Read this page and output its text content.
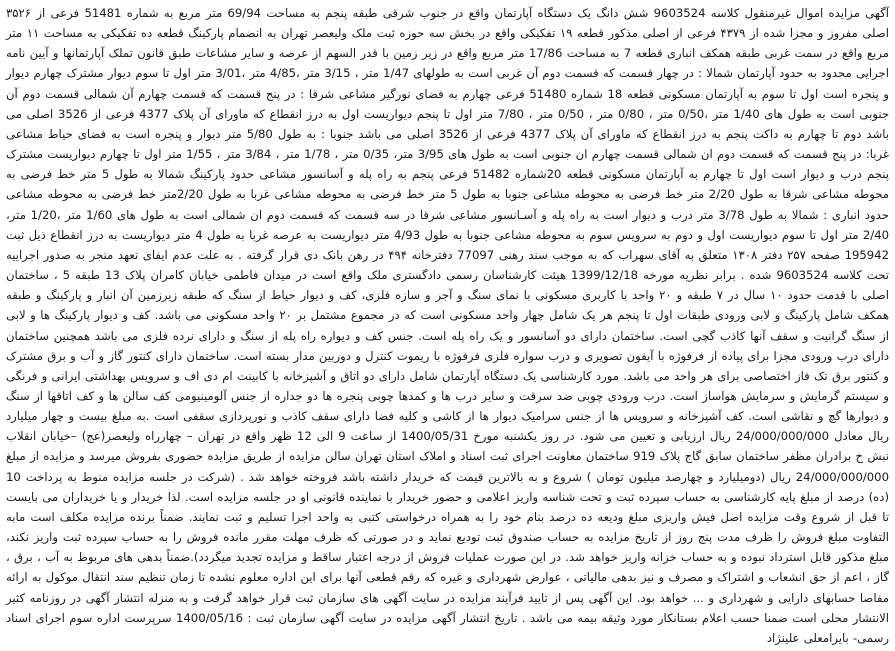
آگهی مزایده اموال غیرمنقول کلاسه 9603524 شش دانگ یک دستگاه آپارتمان واقع در جنوب شرقی طبقه پنجم به مساحت 69/94 متر مربع به شماره 51481 فرعی از ۳۵۲۶ اصلی مفروز و مجزا شده از ۴۳۷۹ فرعی از اصلی مذکور قطعه ۱۹ تفکیکی واقع در بخش سه حوزه ثبت ملک ولیعصر تهران به انضمام پارکینگ قطعه ده تفکیکی به مساحت ۱۱ متر مربع واقع در سمت غربی طبقه همکف انباری قطعه 7 به مساحت 17/86 متر مربع واقع در زیر زمین با قدر السهم از عرصه و سایر مشاعات طبق قانون تملک آپارتمانها و آیین نامه اجرایی محدود به حدود آپارتمان شمالا : در چهار قسمت که قسمت دوم آن غربی است به طولهای 1/47 متر ، 3/15 متر ،4/85 متر ،3/01 متر اول تا سوم دیوار مشترک چهارم دیوار و پنجره است اول تا سوم به آپارتمان مسکونی قطعه 18 شماره 51480 فرعی چهارم به فضای نورگیر مشاعی شرقا : در پنج قسمت که قسمت چهارم آن شمالی قسمت دوم آن جنوبی است به طول های 1/40 متر ،0/50 متر ، 0/80 متر ، 0/50 متر ، 7/80 متر اول تا پنجم دیواریست اول به درز انقطاع که ماورای آن پلاک 4377 فرعی از 3526 اصلی می باشد دوم تا چهارم به داکت پنجم به درز انقطاع که ماورای آن پلاک 4377 فرعی از 3526 اصلی می باشد جنوبا : به طول 5/80 متر دیوار و پنجره است به فضای حیاط مشاعی غربا: در پنج قسمت که قسمت دوم ان شمالی قسمت چهارم ان جنوبی است به طول های 3/95 متر، 0/35 متر ، 1/78 متر ، 3/84 متر ، 1/55 متر اول تا چهارم دیواریست مشترک پنجم درب و دیوار است اول تا چهارم به آپارتمان مسکونی قطعه 20شماره 51482 فرعی پنجم به راه پله و آسانسور مشاعی حدود پارکینگ شمالا به طول 5 متر خط فرضی به محوطه مشاعی شرقا به طول 2/20 متر خط فرضی به محوطه مشاعی جنوبا به طول 5 متر خط فرضی به محوطه مشاعی غربا به طول 2/20متر خط فرضی به محوطه مشاعی حدود انباری : شمالا به طول 3/78 متر درب و دیوار است به راه پله و آسـانسور مشاعی شرقا در سه قسمت که قسمت دوم ان شمالی است به طول های 1/60 متر ،1/20 متر، 2/40 متر اول تا سوم دیواریست اول و دوم به سرویس سوم به محوطه مشاعی جنوبا به طول 4/93 متر دیواریست به عرصه غربا به طول 4 متر دیواریست به درز انقطاع ذیل ثبت 195942 صفحه ۲۵۷ دفتر ۱۳۰۸ متعلق به آقای سهراب که به موجب سند رهنی 77097 دفترخانه ۴۹۴ در رهن بانک دی قرار گرفته . به علت عدم ایفای تعهد منجر به صدور اجراییه تحت کلاسه 9603524 شده . برابر نظریه مورخه 1399/12/18 هیئت کارشناسان رسمی دادگستری ملک واقع است در میدان فاطمی خیابان کامران پلاک 13 طبقه 5 ، ساختمان اصلی با قدمت حدود ۱۰ سال در ۷ طبقه و ۲۰ واحد با کاربری مسکونی با نمای سنگ و آجر و سازه فلزی، کف و دیوار حیاط از سنگ که طبقه زیرزمین آن انبار و پارکینگ و طبقه همکف شامل پارکینگ و لابی ورودی طبقات اول تا پنجم هر یک شامل چهار واحد مسکونی است که در مجموع مشتمل بر ۲۰ واحد مسکونی می باشد. کف و دیوار پارکینگ ها و لابی از سنگ گرانیت و سقف آنها کاذب گچی است. ساختمان دارای دو آسانسور و یک راه پله است. جنس کف و دیواره راه پله از سنگ و دارای نرده فلزی می باشد همچنین ساختمان دارای درب ورودی مجزا برای پیاده از فرفوژه با آیفون تصویری و درب سواره فلزی فرفوژه با ریموت کنترل و دوربین مدار بسته است. ساختمان دارای کنتور گاز و آب و برق مشترک و کنتور برق تک فاز اختصاصی برای هر واحد می باشد. مورد کارشناسی یک دستگاه آپارتمان شامل دارای دو اتاق و آشپزخانه با کابینت ام دی اف و سرویس بهداشتی ایرانی و فرنگی و سیستم گرمایش و سرمایش هواساز است. درب ورودی چوبی ضد سرقت و سایر درب ها و کمدها چوبی پنجره ها دو جداره از جنس آلومینیومی کف سالن ها و کف اتاقها از سنگ و دیوارها گچ و نقاشی است. کف آشپزخانه و سرویس ها از جنس سرامیک دیوار ها از کاشی و کلیه فضا دارای سقف کاذب و نورپردازی سقفی است .به مبلغ بیست و چهار میلیارد ریال معادل 24/000/000/000 ریال ارزیابی و تعیین می شود. در روز یکشنبه مورخ 1400/05/31 از ساعت 9 الی 12 ظهر واقع در تهران – چهارراه ولیعصر(عج) –خیابان انقلاب نبش خ برادران مظفر ساختمان سابق گاج پلاک 919 ساختمان معاونت اجرای ثبت اسناد و املاک استان تهران سالن مزایده از طریق مزایده حضوری بفروش میرسد و مزایده از مبلغ 24/000/000/000 ریال (دومیلیارد و چهارصد میلیون تومان ) شروع و به بالاترین قیمت که خریدار داشته باشد فروخته خواهد شد . (شرکت در جلسه مزایده منوط به پرداخت 10 (ده) درصد از مبلغ پایه کارشناسی به حساب سپرده ثبت و تحت شناسه واریز اعلامی و حضور خریدار با نماینده قانونی او در جلسه مزایده است. لذا خریدار و یا خریداران می بایست تا قبل از شروع وقت مزایده اصل فیش واریزی مبلغ ودیعه ده درصد بنام خود را به همراه درخواستی کتبی به واحد اجرا تسلیم و ثبت نمایند. ضمناً برنده مزایده مکلف است مابه التفاوت مبلغ فروش را ظرف مدت پنج روز از تاریخ مزایده به حساب صندوق ثبت تودیع نماید و در صورتی که ظرف مهلت مقرر مانده فروش را به حساب سپرده ثبت واریز نکند، مبلغ مذکور قابل استرداد نبوده و به حساب خزانه واریز خواهد شد. در این صورت عملیات فروش از درجه اعتبار ساقط و مزایده تجدید میگردد).ضمناً بدهی های مربوط به آب ، برق ، گاز ، اعم از حق انشعاب و اشتراک و مصرف و نیز بدهی مالیاتی ، عوارض شهرداری و غیره که رقم قطعی آنها برای این اداره معلوم نشده تا زمان تنظیم سند انتقال موکول به ارائه مفاصا حسابهای دارایی و شهرداری و ... خواهد بود. این آگهی پس از تایید فرآیند مزایده در سایت آگهی های سازمان ثبت قرار خواهد گرفت و به منزله انتشار آگهی در روزنامه کثیر الانتشار محلی است ضمنا حسب اعلام بستانکار مورد وثیقه بیمه می باشد . تاریخ انتشار آگهی مزایده در سایت آگهی سازمان ثبت : 1400/05/16 سرپرست اداره سوم اجرای اسناد رسمی- بایرامعلی علینژاد
